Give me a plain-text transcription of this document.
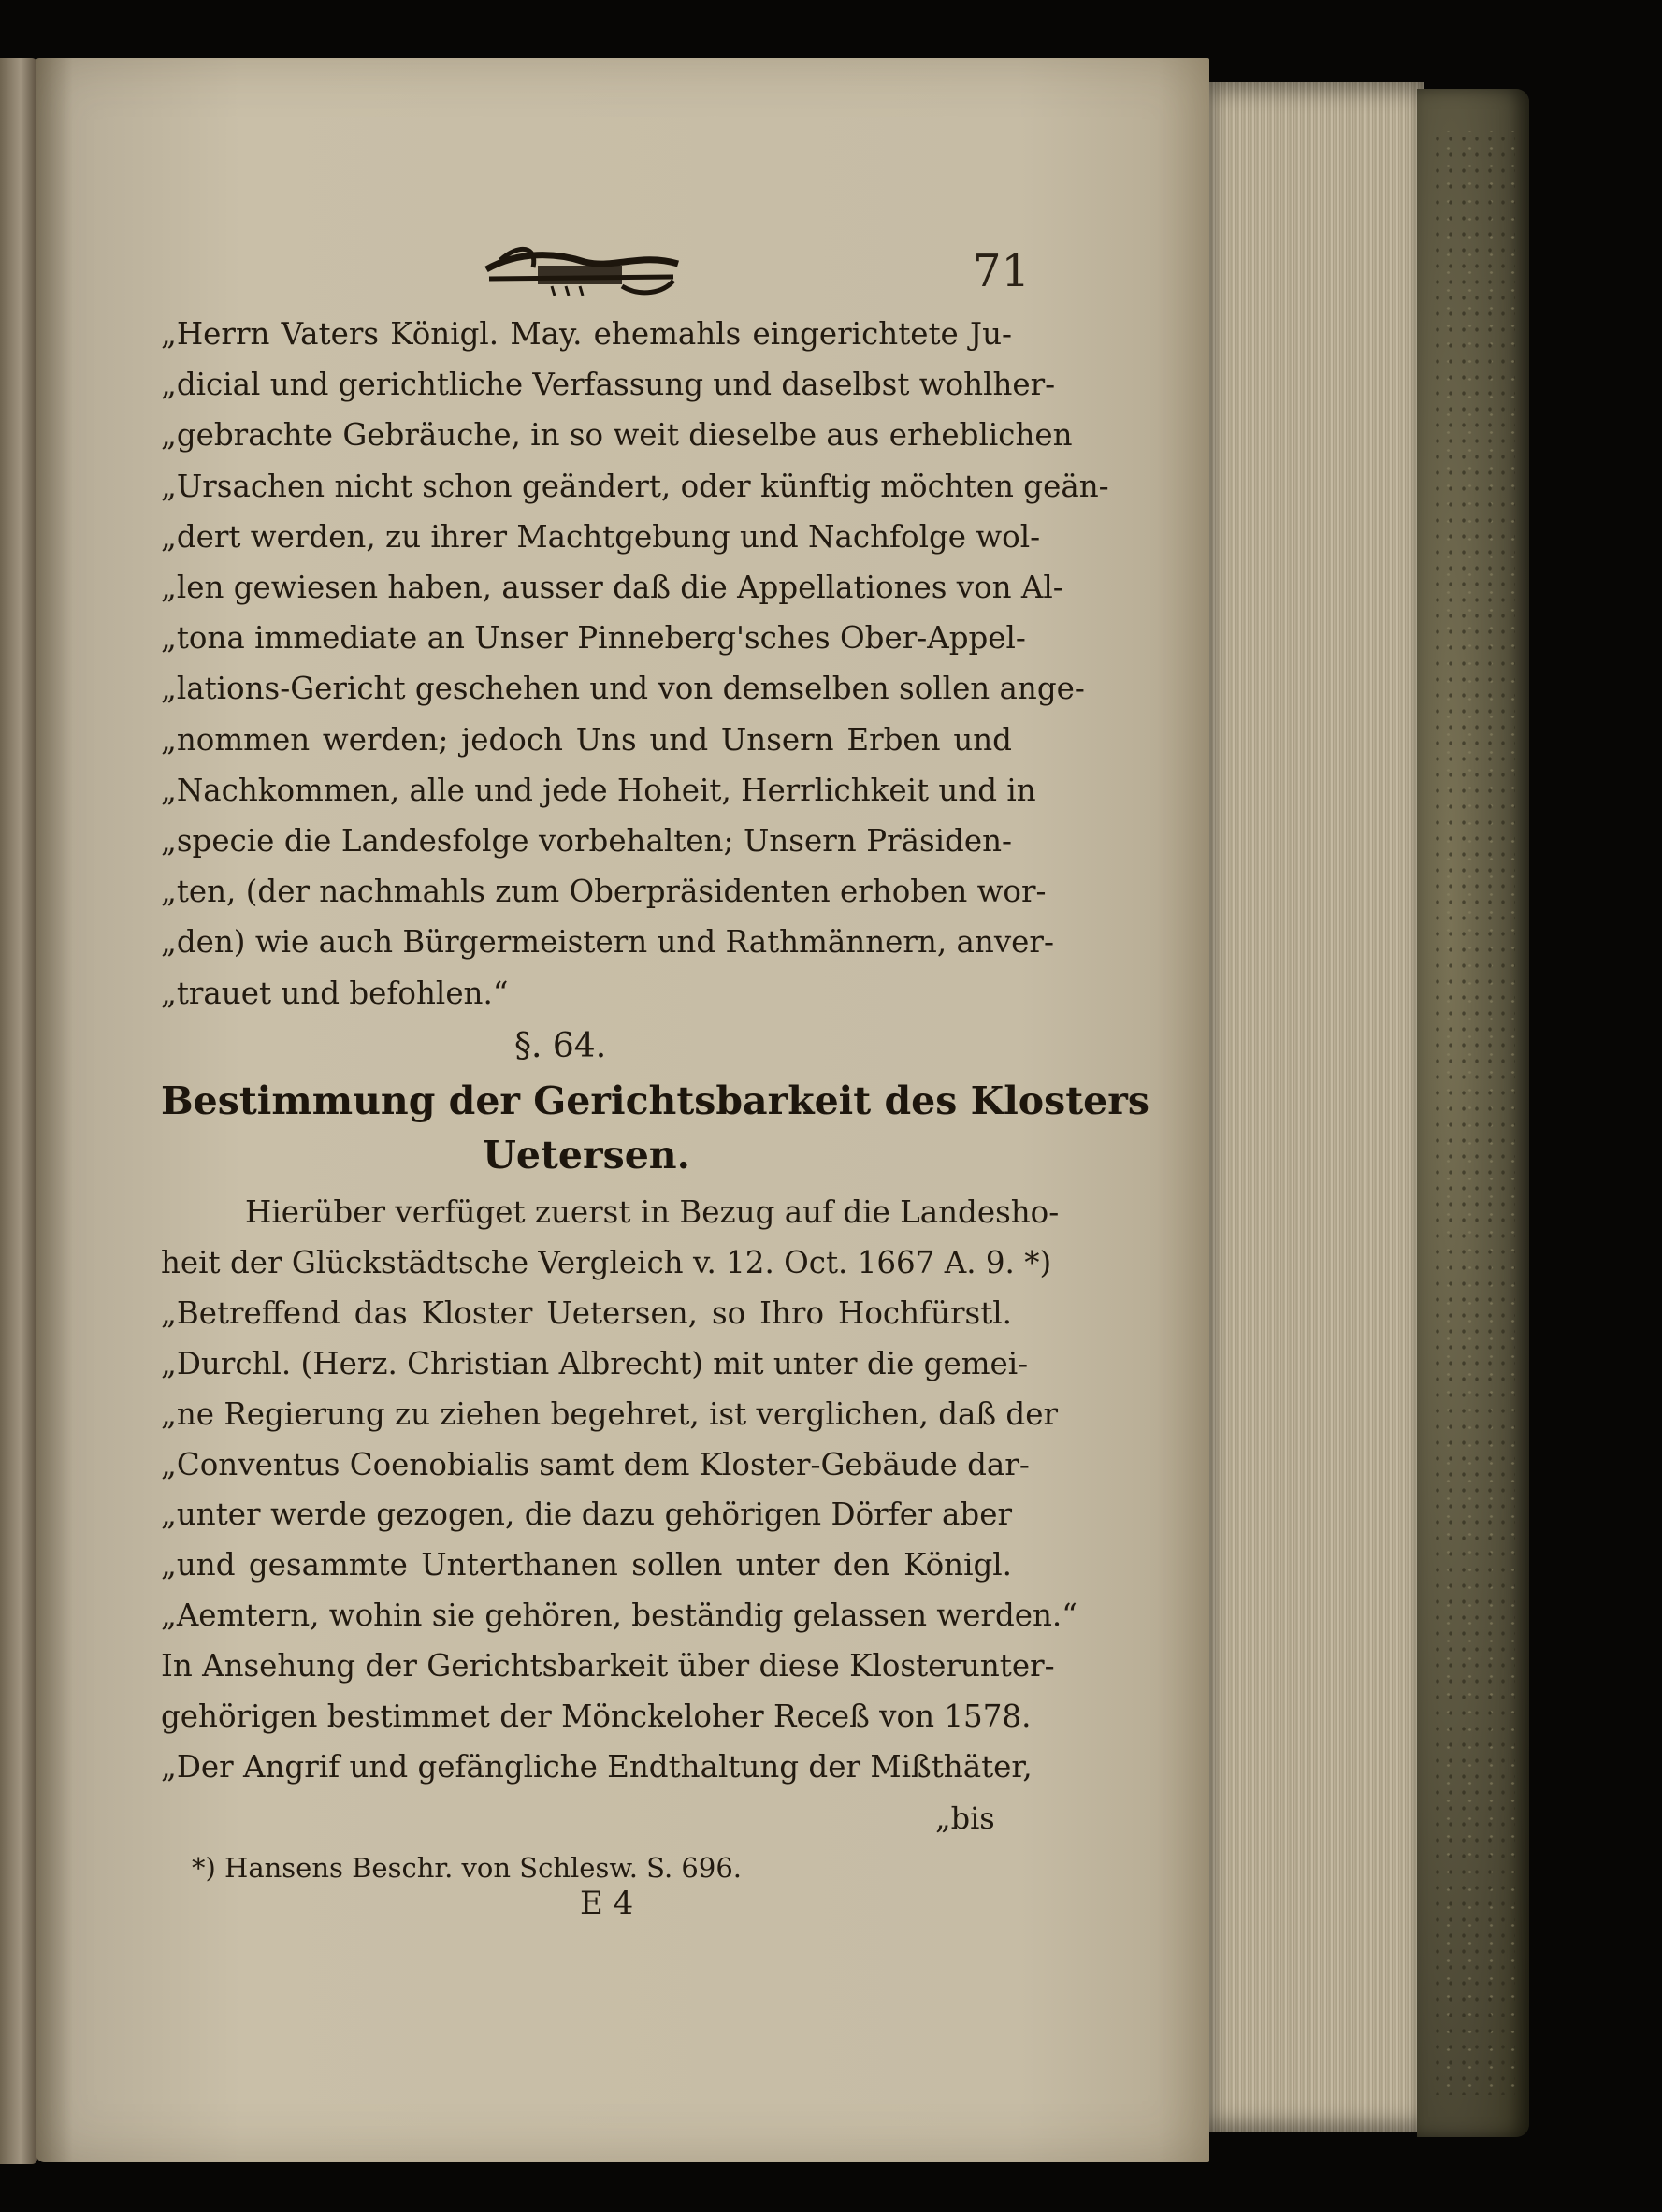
71
„Herrn Vaters Königl. May. ehemahls eingerichtete Ju-
„dicial und gerichtliche Verfassung und daselbst wohlher-
„gebrachte Gebräuche, in so weit dieselbe aus erheblichen
„Ursachen nicht schon geändert, oder künftig möchten geän-
„dert werden, zu ihrer Machtgebung und Nachfolge wol-
„len gewiesen haben, ausser daß die Appellationes von Al-
„tona immediate an Unser Pinneberg'sches Ober-Appel-
„lations-Gericht geschehen und von demselben sollen ange-
„nommen werden; jedoch Uns und Unsern Erben und
„Nachkommen, alle und jede Hoheit, Herrlichkeit und in
„specie die Landesfolge vorbehalten; Unsern Präsiden-
„ten, (der nachmahls zum Oberpräsidenten erhoben wor-
„den) wie auch Bürgermeistern und Rathmännern, anver-
„trauet und befohlen.“
§. 64.
Bestimmung der Gerichtsbarkeit des Klosters
Uetersen.
Hierüber verfüget zuerst in Bezug auf die Landesho-
heit der Glückstädtsche Vergleich v. 12. Oct. 1667 A. 9. *)
„Betreffend das Kloster Uetersen, so Ihro Hochfürstl.
„Durchl. (Herz. Christian Albrecht) mit unter die gemei-
„ne Regierung zu ziehen begehret, ist verglichen, daß der
„Conventus Coenobialis samt dem Kloster-Gebäude dar-
„unter werde gezogen, die dazu gehörigen Dörfer aber
„und gesammte Unterthanen sollen unter den Königl.
„Aemtern, wohin sie gehören, beständig gelassen werden.“
In Ansehung der Gerichtsbarkeit über diese Klosterunter-
gehörigen bestimmet der Mönckeloher Receß von 1578.
„Der Angrif und gefängliche Endthaltung der Mißthäter,
„bis
*) Hansens Beschr. von Schlesw. S. 696.
E 4
